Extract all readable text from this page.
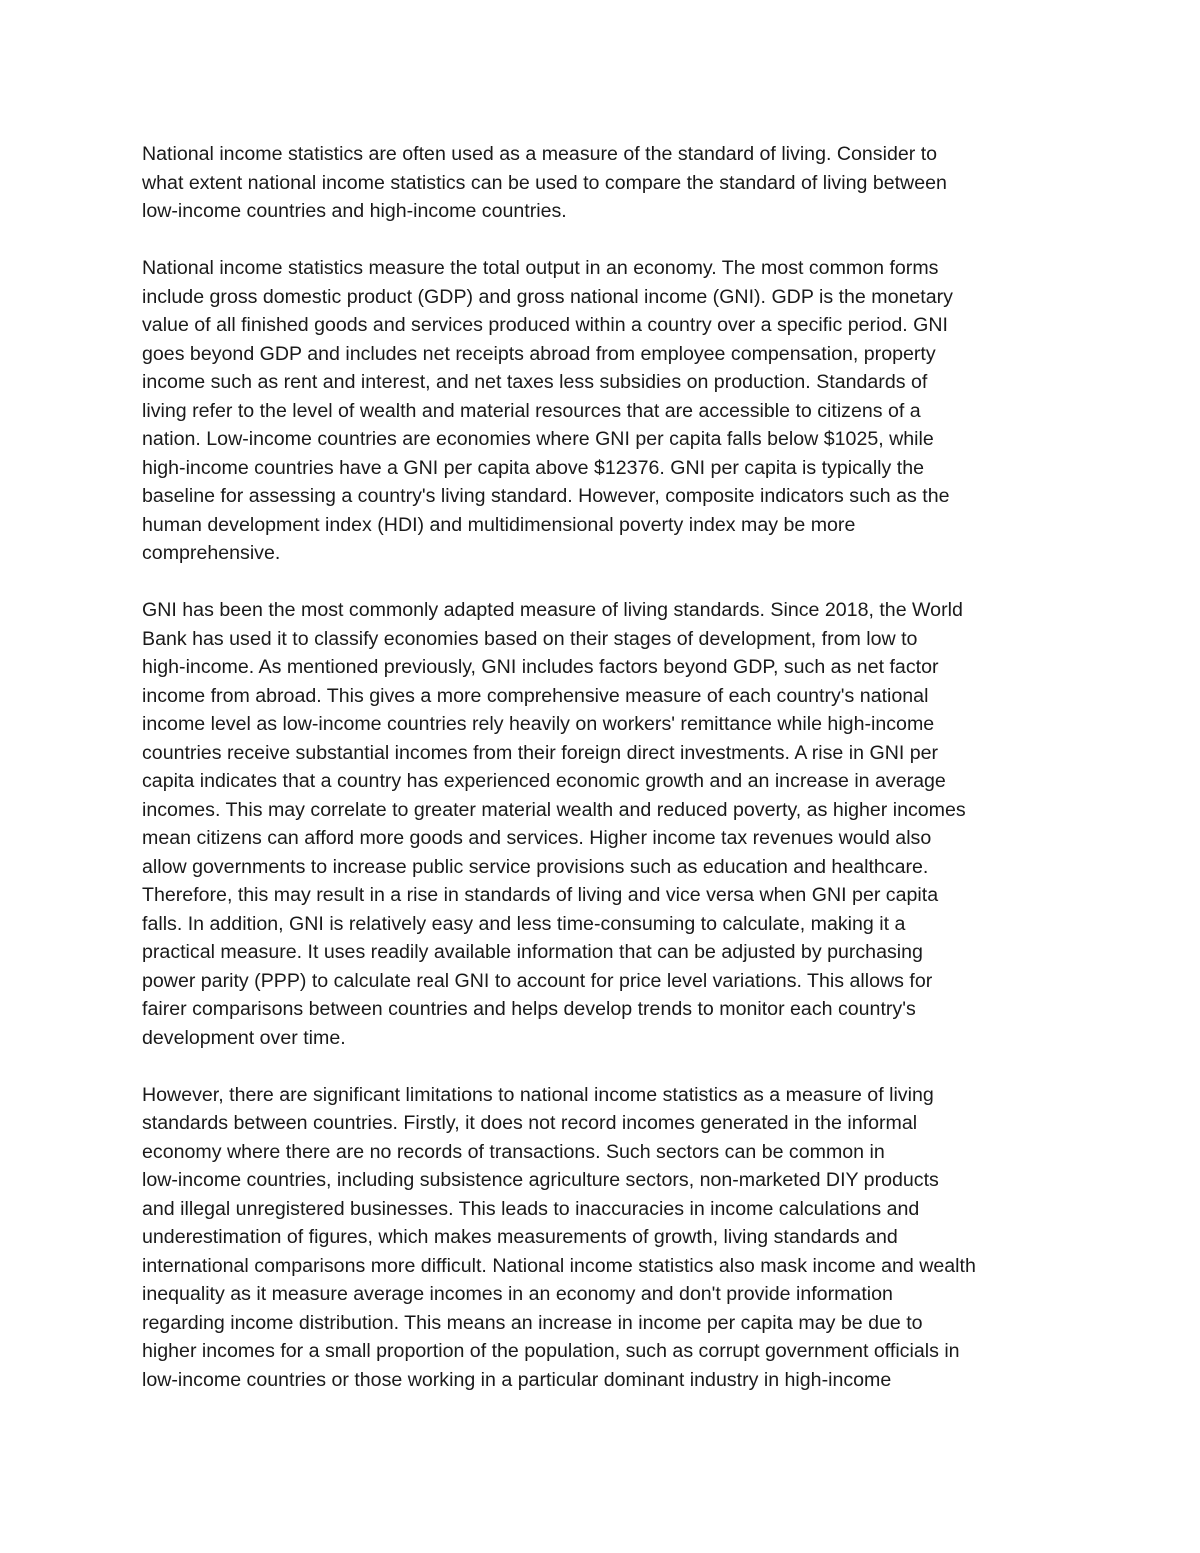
National income statistics are often used as a measure of the standard of living. Consider to
what extent national income statistics can be used to compare the standard of living between
low-income countries and high-income countries.

National income statistics measure the total output in an economy. The most common forms
include gross domestic product (GDP) and gross national income (GNI). GDP is the monetary
value of all finished goods and services produced within a country over a specific period. GNI
goes beyond GDP and includes net receipts abroad from employee compensation, property
income such as rent and interest, and net taxes less subsidies on production. Standards of
living refer to the level of wealth and material resources that are accessible to citizens of a
nation. Low-income countries are economies where GNI per capita falls below $1025, while
high-income countries have a GNI per capita above $12376. GNI per capita is typically the
baseline for assessing a country's living standard. However, composite indicators such as the
human development index (HDI) and multidimensional poverty index may be more
comprehensive.

GNI has been the most commonly adapted measure of living standards. Since 2018, the World
Bank has used it to classify economies based on their stages of development, from low to
high-income. As mentioned previously, GNI includes factors beyond GDP, such as net factor
income from abroad. This gives a more comprehensive measure of each country's national
income level as low-income countries rely heavily on workers' remittance while high-income
countries receive substantial incomes from their foreign direct investments. A rise in GNI per
capita indicates that a country has experienced economic growth and an increase in average
incomes. This may correlate to greater material wealth and reduced poverty, as higher incomes
mean citizens can afford more goods and services. Higher income tax revenues would also
allow governments to increase public service provisions such as education and healthcare.
Therefore, this may result in a rise in standards of living and vice versa when GNI per capita
falls. In addition, GNI is relatively easy and less time-consuming to calculate, making it a
practical measure. It uses readily available information that can be adjusted by purchasing
power parity (PPP) to calculate real GNI to account for price level variations. This allows for
fairer comparisons between countries and helps develop trends to monitor each country's
development over time.

However, there are significant limitations to national income statistics as a measure of living
standards between countries. Firstly, it does not record incomes generated in the informal
economy where there are no records of transactions. Such sectors can be common in
low-income countries, including subsistence agriculture sectors, non-marketed DIY products
and illegal unregistered businesses. This leads to inaccuracies in income calculations and
underestimation of figures, which makes measurements of growth, living standards and
international comparisons more difficult. National income statistics also mask income and wealth
inequality as it measure average incomes in an economy and don't provide information
regarding income distribution. This means an increase in income per capita may be due to
higher incomes for a small proportion of the population, such as corrupt government officials in
low-income countries or those working in a particular dominant industry in high-income
